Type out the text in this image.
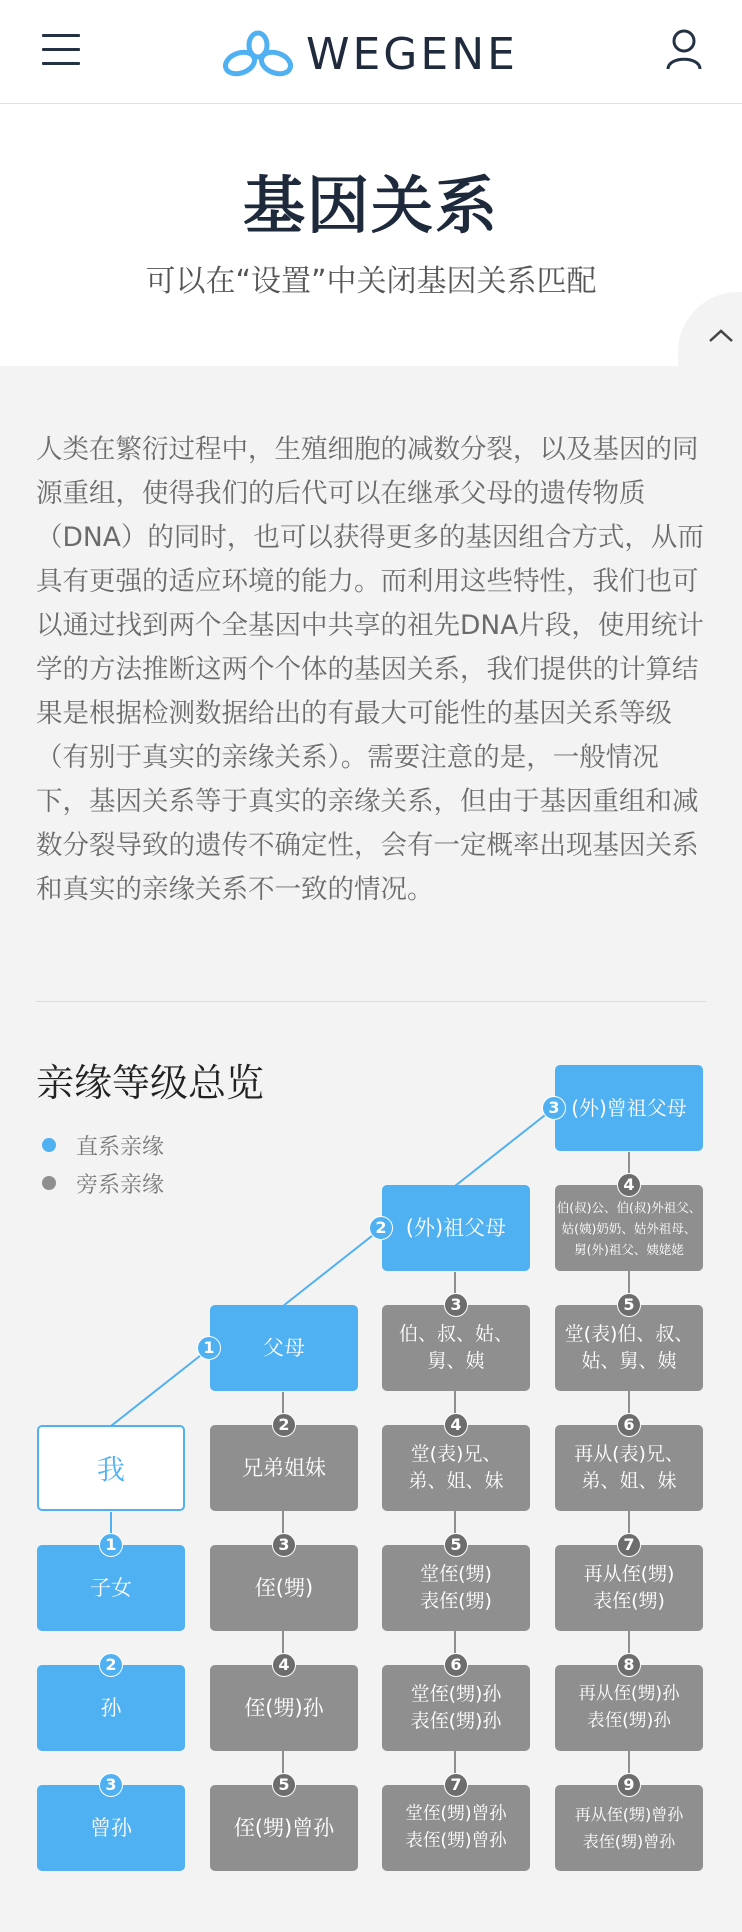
WEGENE
基因关系
可以在“设置”中关闭基因关系匹配

人类在繁衍过程中，生殖细胞的减数分裂，以及基因的同源重组，使得我们的后代可以在继承父母的遗传物质（DNA）的同时，也可以获得更多的基因组合方式，从而具有更强的适应环境的能力。而利用这些特性，我们也可以通过找到两个全基因中共享的祖先DNA片段，使用统计学的方法推断这两个个体的基因关系，我们提供的计算结果是根据检测数据给出的有最大可能性的基因关系等级（有别于真实的亲缘关系）。需要注意的是，一般情况下，基因关系等于真实的亲缘关系，但由于基因重组和减数分裂导致的遗传不确定性，会有一定概率出现基因关系和真实的亲缘关系不一致的情况。

亲缘等级总览
直系亲缘
旁系亲缘
(外)曾祖父母
3
(外)祖父母
2
伯(叔)公、伯(叔)外祖父、
姑(姨)奶奶、姑外祖母、
舅(外)祖父、姨姥姥
4
父母
1
伯、叔、姑、
舅、姨
3
堂(表)伯、叔、
姑、舅、姨
5
我	兄弟姐妹
2
堂(表)兄、
弟、姐、妹
4
再从(表)兄、
弟、姐、妹
6
子女
1
侄(甥)
3
堂侄(甥)
表侄(甥)
5
再从侄(甥)
表侄(甥)
7
孙
2
侄(甥)孙
4
堂侄(甥)孙
表侄(甥)孙
6
再从侄(甥)孙
表侄(甥)孙
8
曾孙
3
侄(甥)曾孙
5
堂侄(甥)曾孙
表侄(甥)曾孙
7
再从侄(甥)曾孙
表侄(甥)曾孙
9
